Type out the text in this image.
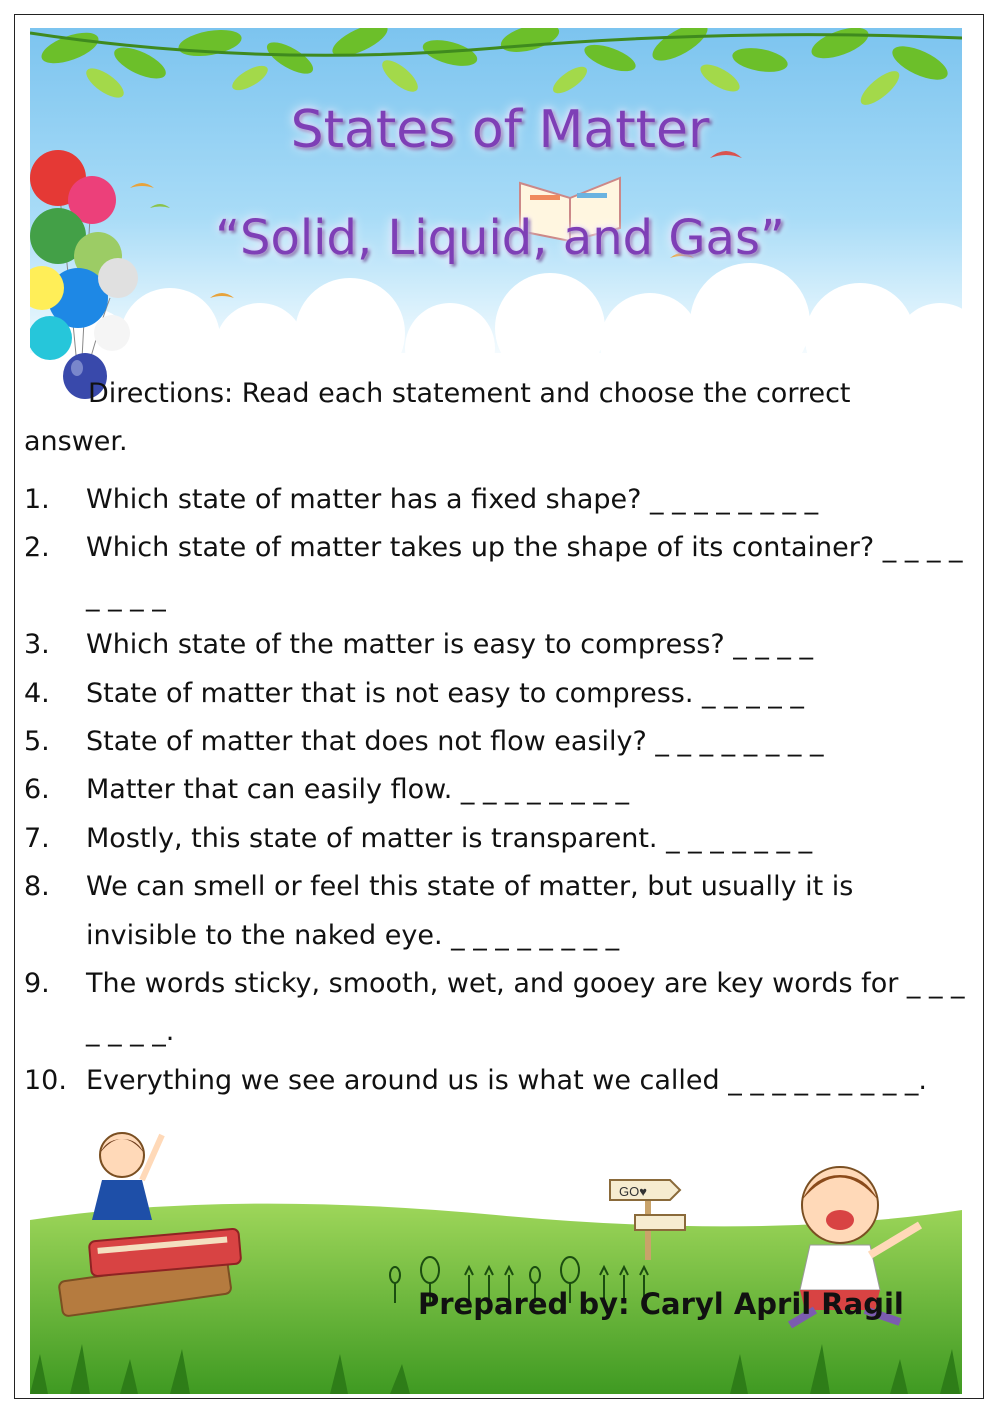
States of Matter
“Solid, Liquid, and Gas”
Directions: Read each statement and choose the correct
answer.
1. Which state of matter has a fixed shape? _ _ _ _ _ _ _ _
2. Which state of matter takes up the shape of its container? _ _ _ _ _ _ _ _
3. Which state of the matter is easy to compress? _ _ _ _
4. State of matter that is not easy to compress. _ _ _ _ _
5. State of matter that does not flow easily? _ _ _ _ _ _ _ _
6. Matter that can easily flow. _ _ _ _ _ _ _ _
7. Mostly, this state of matter is transparent. _ _ _ _ _ _ _
8. We can smell or feel this state of matter, but usually it is invisible to the naked eye. _ _ _ _ _ _ _ _
9. The words sticky, smooth, wet, and gooey are key words for _ _ _ _ _ _ _.
10. Everything we see around us is what we called _ _ _ _ _ _ _ _ _.
GO♥
Prepared by: Caryl April Ragil
